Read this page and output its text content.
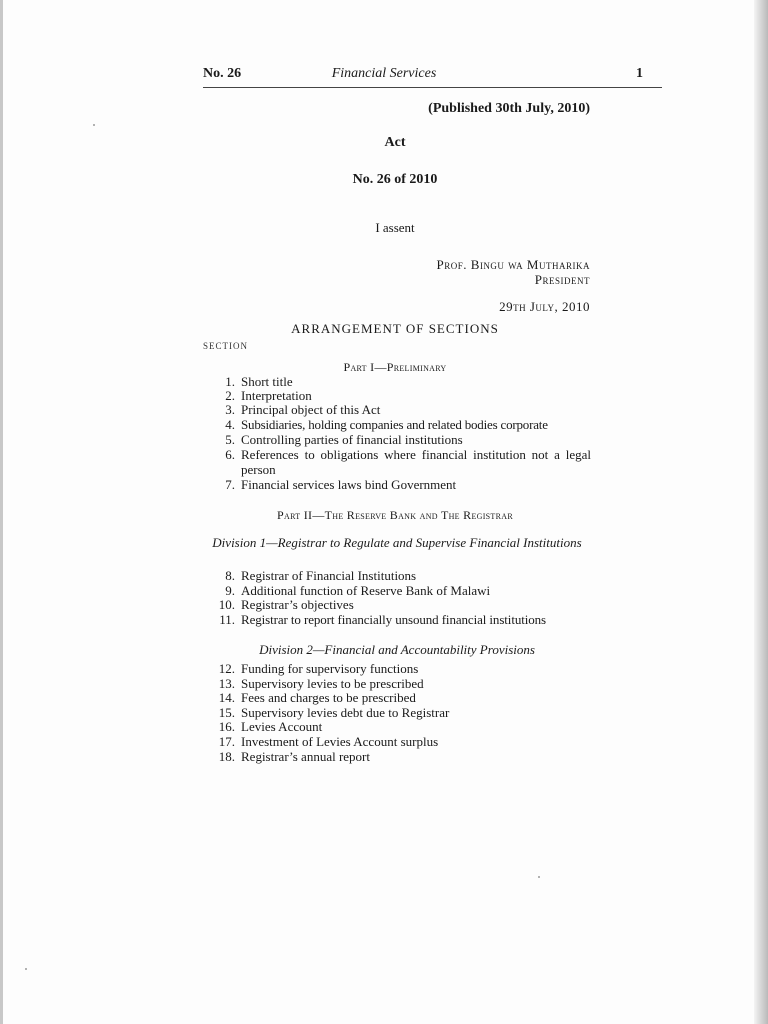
No. 26	Financial Services	1
(Published 30th July, 2010)
Act
No. 26 of 2010
I assent
Prof. Bingu wa Mutharika
President
29th July, 2010
ARRANGEMENT OF SECTIONS
SECTION
Part I—Preliminary
1. Short title
2. Interpretation
3. Principal object of this Act
4. Subsidiaries, holding companies and related bodies corporate
5. Controlling parties of financial institutions
6. References to obligations where financial institution not a legal person
7. Financial services laws bind Government
Part II—The Reserve Bank and The Registrar
Division 1—Registrar to Regulate and Supervise Financial Institutions
8. Registrar of Financial Institutions
9. Additional function of Reserve Bank of Malawi
10. Registrar’s objectives
11. Registrar to report financially unsound financial institutions
Division 2—Financial and Accountability Provisions
12. Funding for supervisory functions
13. Supervisory levies to be prescribed
14. Fees and charges to be prescribed
15. Supervisory levies debt due to Registrar
16. Levies Account
17. Investment of Levies Account surplus
18. Registrar’s annual report
